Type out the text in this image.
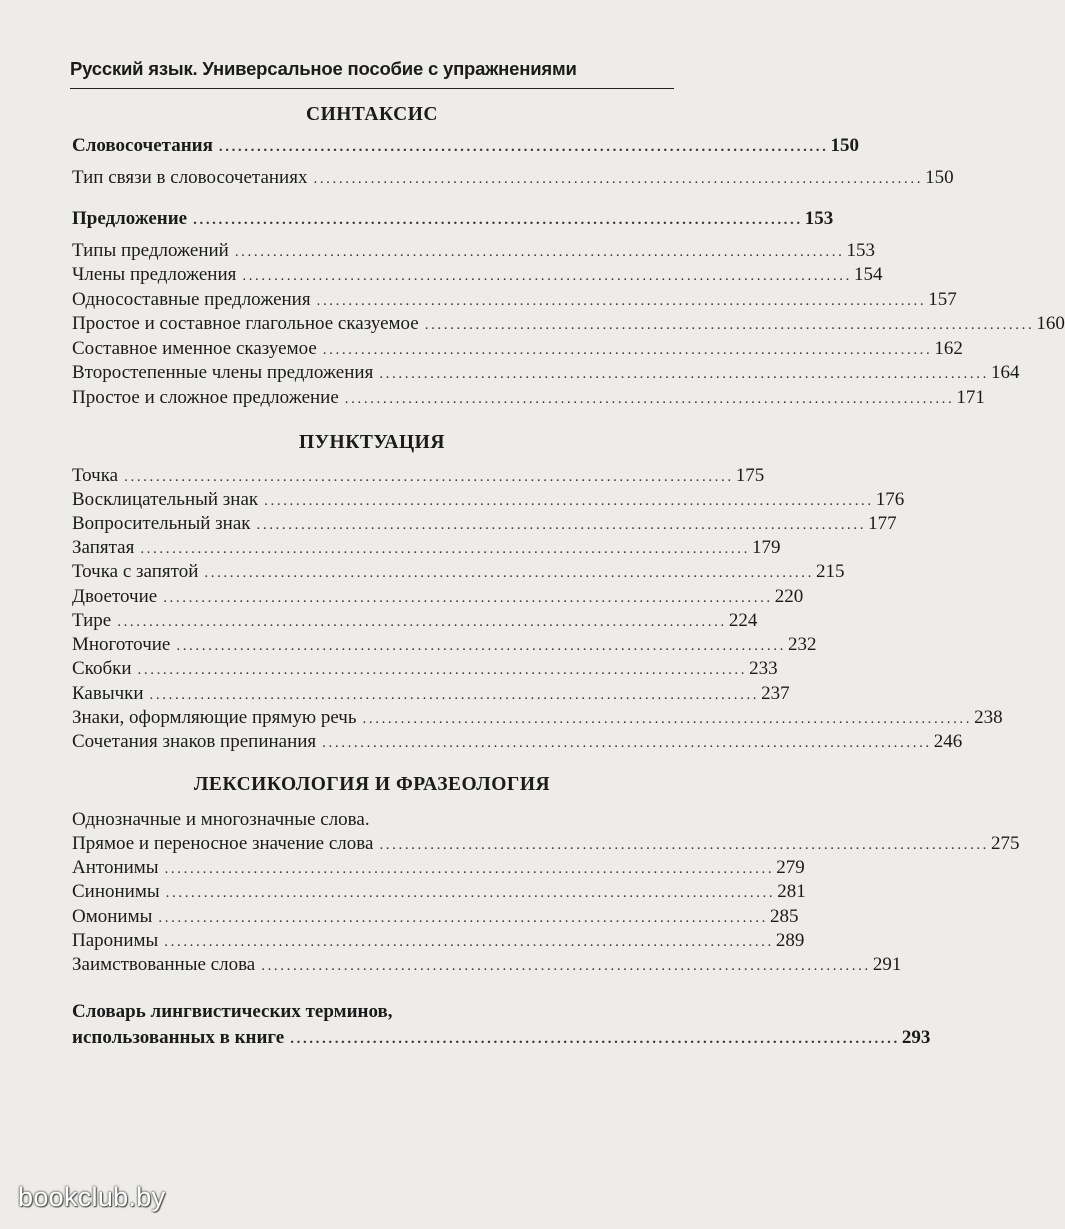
Русский язык. Универсальное пособие с упражнениями
СИНТАКСИС
Словосочетания ................................................................................................ 150
Тип связи в словосочетаниях ................................................................................................ 150
Предложение ................................................................................................ 153
Типы предложений ................................................................................................ 153
Члены предложения ................................................................................................ 154
Односоставные предложения ................................................................................................ 157
Простое и составное глагольное сказуемое ................................................................................................ 160
Составное именное сказуемое ................................................................................................ 162
Второстепенные члены предложения ................................................................................................ 164
Простое и сложное предложение ................................................................................................ 171
ПУНКТУАЦИЯ
Точка ................................................................................................ 175
Восклицательный знак ................................................................................................ 176
Вопросительный знак ................................................................................................ 177
Запятая ................................................................................................ 179
Точка с запятой ................................................................................................ 215
Двоеточие ................................................................................................ 220
Тире ................................................................................................ 224
Многоточие ................................................................................................ 232
Скобки ................................................................................................ 233
Кавычки ................................................................................................ 237
Знаки, оформляющие прямую речь ................................................................................................ 238
Сочетания знаков препинания ................................................................................................ 246
ЛЕКСИКОЛОГИЯ И ФРАЗЕОЛОГИЯ
Однозначные и многозначные слова.
Прямое и переносное значение слова ................................................................................................ 275
Антонимы ................................................................................................ 279
Синонимы ................................................................................................ 281
Омонимы ................................................................................................ 285
Паронимы ................................................................................................ 289
Заимствованные слова ................................................................................................ 291
Словарь лингвистических терминов,
использованных в книге ................................................................................................ 293
bookclub.by
